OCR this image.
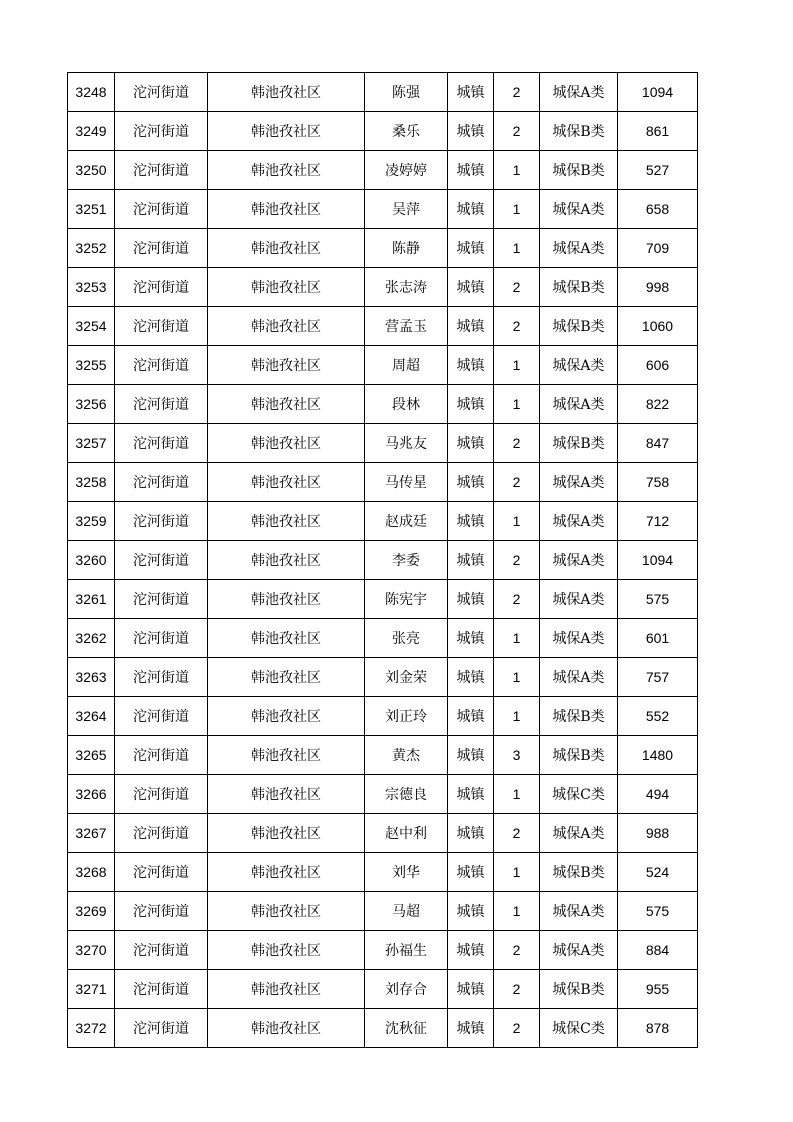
3248	沱河街道	韩池孜社区	陈强	城镇	2	城保A类	1094
3249	沱河街道	韩池孜社区	桑乐	城镇	2	城保B类	861
3250	沱河街道	韩池孜社区	凌婷婷	城镇	1	城保B类	527
3251	沱河街道	韩池孜社区	吴萍	城镇	1	城保A类	658
3252	沱河街道	韩池孜社区	陈静	城镇	1	城保A类	709
3253	沱河街道	韩池孜社区	张志涛	城镇	2	城保B类	998
3254	沱河街道	韩池孜社区	营孟玉	城镇	2	城保B类	1060
3255	沱河街道	韩池孜社区	周超	城镇	1	城保A类	606
3256	沱河街道	韩池孜社区	段林	城镇	1	城保A类	822
3257	沱河街道	韩池孜社区	马兆友	城镇	2	城保B类	847
3258	沱河街道	韩池孜社区	马传星	城镇	2	城保A类	758
3259	沱河街道	韩池孜社区	赵成廷	城镇	1	城保A类	712
3260	沱河街道	韩池孜社区	李委	城镇	2	城保A类	1094
3261	沱河街道	韩池孜社区	陈宪宇	城镇	2	城保A类	575
3262	沱河街道	韩池孜社区	张亮	城镇	1	城保A类	601
3263	沱河街道	韩池孜社区	刘金荣	城镇	1	城保A类	757
3264	沱河街道	韩池孜社区	刘正玲	城镇	1	城保B类	552
3265	沱河街道	韩池孜社区	黄杰	城镇	3	城保B类	1480
3266	沱河街道	韩池孜社区	宗德良	城镇	1	城保C类	494
3267	沱河街道	韩池孜社区	赵中利	城镇	2	城保A类	988
3268	沱河街道	韩池孜社区	刘华	城镇	1	城保B类	524
3269	沱河街道	韩池孜社区	马超	城镇	1	城保A类	575
3270	沱河街道	韩池孜社区	孙福生	城镇	2	城保A类	884
3271	沱河街道	韩池孜社区	刘存合	城镇	2	城保B类	955
3272	沱河街道	韩池孜社区	沈秋征	城镇	2	城保C类	878
